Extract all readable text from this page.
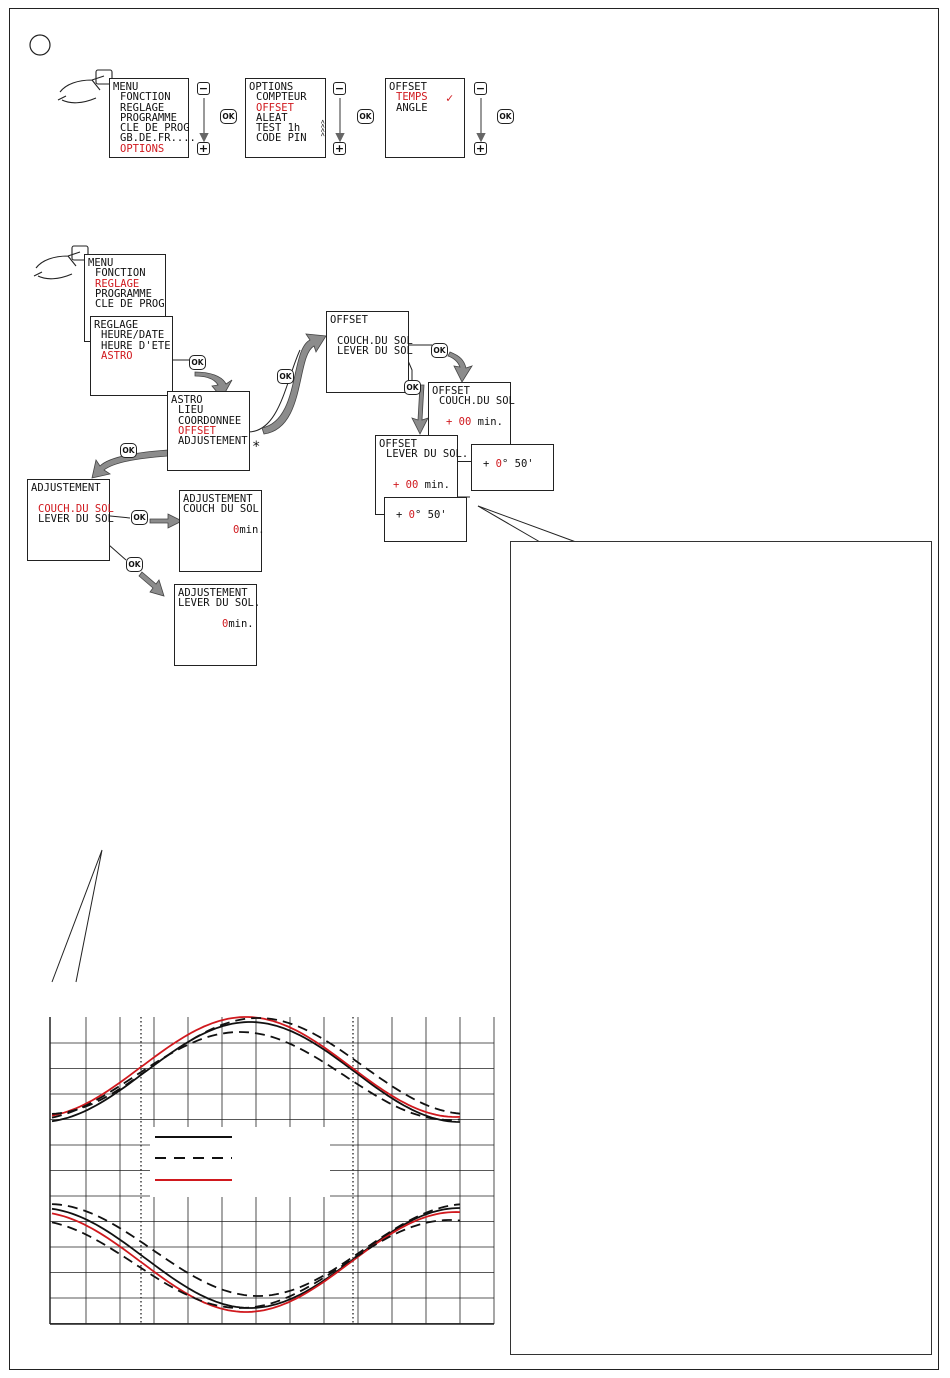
MENU
FONCTION
REGLAGE
PROGRAMME
CLE DE PROG
GB.DE.FR....
OPTIONS
−
+
OK
OPTIONS
COMPTEUR
OFFSET
ALEAT
TEST 1h
CODE PIN
<<<<
−
+
OK
OFFSET
TEMPS
ANGLE
✓
−
+
OK
MENU
FONCTION
REGLAGE
PROGRAMME
CLE DE PROG
REGLAGE
HEURE/DATE
HEURE D'ETE
ASTRO
OK
ASTRO
LIEU
COORDONNEE
OFFSET
ADJUSTEMENT *
OK
OK
OFFSET

COUCH.DU SOL
LEVER DU SOL	OK
OK OFFSET
COUCH.DU SOL

+ 00 min.
+ 0° 50'
OFFSET
LEVER DU SOL.

+ 00 min.
+ 0° 50'
ADJUSTEMENT

COUCH.DU SOL
LEVER DU SOL	OK
OK
ADJUSTEMENT
COUCH DU SOL

0min.
ADJUSTEMENT
LEVER DU SOL.

0min.
